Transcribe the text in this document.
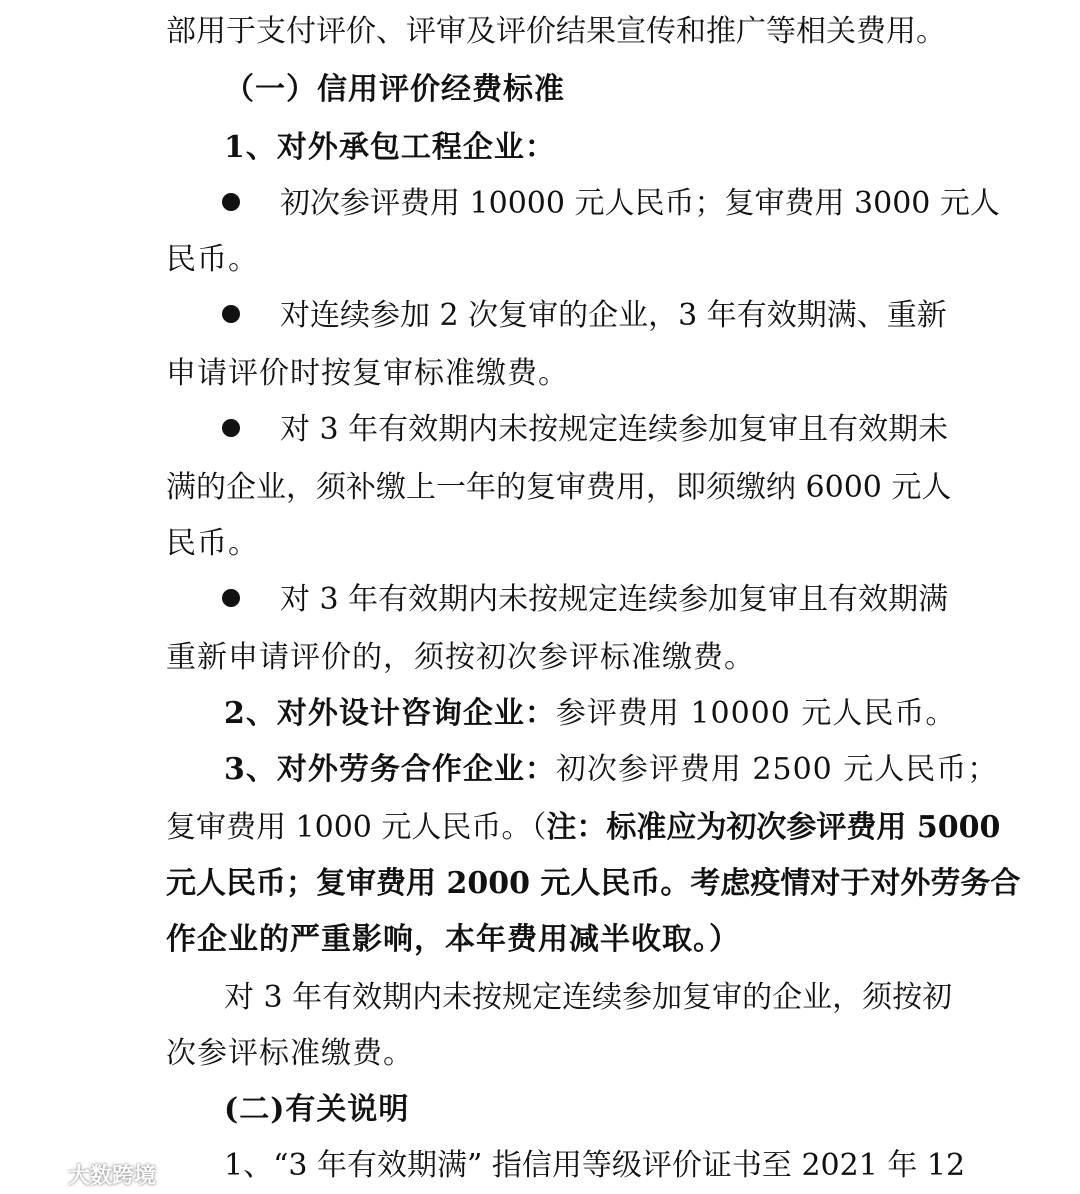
部用于支付评价、评审及评价结果宣传和推广等相关费用。
（一）信用评价经费标准
1、对外承包工程企业：
初次参评费用 10000 元人民币；复审费用 3000 元人
民币。
对连续参加 2 次复审的企业，3 年有效期满、重新
申请评价时按复审标准缴费。
对 3 年有效期内未按规定连续参加复审且有效期未
满的企业，须补缴上一年的复审费用，即须缴纳 6000 元人
民币。
对 3 年有效期内未按规定连续参加复审且有效期满
重新申请评价的，须按初次参评标准缴费。
2、对外设计咨询企业：参评费用 10000 元人民币。
3、对外劳务合作企业：初次参评费用 2500 元人民币；
复审费用 1000 元人民币。（ 注：标准应为初次参评费用 5000
元人民币；复审费用 2000 元人民币。考虑疫情对于对外劳务合
作企业的严重影响，本年费用减半收取。）
对 3 年有效期内未按规定连续参加复审的企业，须按初
次参评标准缴费。
(二)有关说明
1、“3 年有效期满” 指信用等级评价证书至 2021 年 12
大数跨境
